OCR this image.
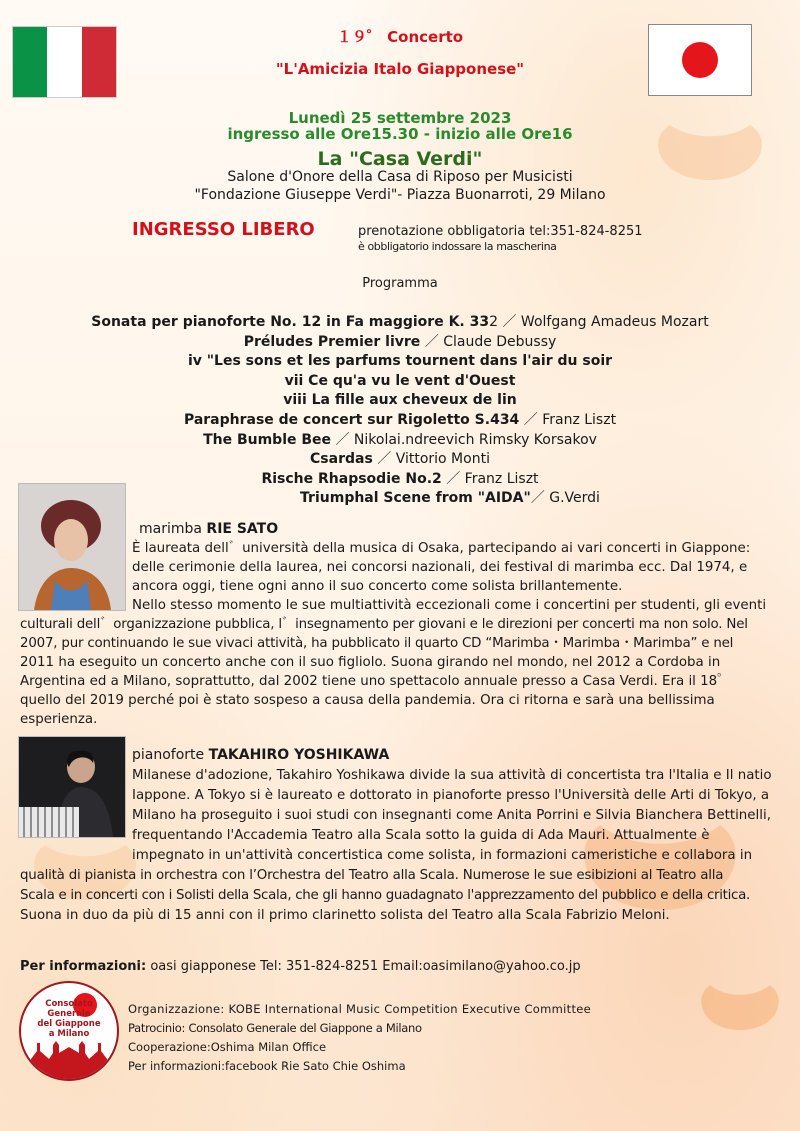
１９゜ Concerto
"L'Amicizia Italo Giapponese"
Lunedì 25 settembre 2023
ingresso alle Ore15.30 - inizio alle Ore16
La "Casa Verdi"
Salone d'Onore della Casa di Riposo per Musicisti
"Fondazione Giuseppe Verdi"- Piazza Buonarroti, 29 Milano
INGRESSO LIBERO	prenotazione obbligatoria tel:351-824-8251
è obbligatorio indossare la mascherina
Programma
Sonata per pianoforte No. 12 in Fa maggiore K. 332 ／ Wolfgang Amadeus Mozart
Préludes Premier livre ／ Claude Debussy
iv "Les sons et les parfums tournent dans l'air du soir
vii Ce qu'a vu le vent d'Ouest
viii La fille aux cheveux de lin
Paraphrase de concert sur Rigoletto S.434 ／ Franz Liszt
The Bumble Bee ／ Nikolai.ndreevich Rimsky Korsakov
Csardas ／ Vittorio Monti
Rische Rhapsodie No.2 ／ Franz Liszt
Triumphal Scene from "AIDA"／ G.Verdi
marimba RIE SATO
È laureata dell゛università della musica di Osaka, partecipando ai vari concerti in Giappone:
delle cerimonie della laurea, nei concorsi nazionali, dei festival di marimba ecc. Dal 1974, e
ancora oggi, tiene ogni anno il suo concerto come solista brillantemente.
Nello stesso momento le sue multiattività eccezionali come i concertini per studenti, gli eventi
culturali dell゛organizzazione pubblica, l゛insegnamento per giovani e le direzioni per concerti ma non solo. Nel
2007, pur continuando le sue vivaci attività, ha pubblicato il quarto CD “Marimba・Marimba・Marimba” e nel
2011 ha eseguito un concerto anche con il suo figliolo. Suona girando nel mondo, nel 2012 a Cordoba in
Argentina ed a Milano, soprattutto, dal 2002 tiene uno spettacolo annuale presso a Casa Verdi. Era il 18゜
quello del 2019 perché poi è stato sospeso a causa della pandemia. Ora ci ritorna e sarà una bellissima
esperienza.
pianoforte TAKAHIRO YOSHIKAWA
Milanese d'adozione, Takahiro Yoshikawa divide la sua attività di concertista tra l'Italia e Il natio
Iappone. A Tokyo si è laureato e dottorato in pianoforte presso l'Università delle Arti di Tokyo, a
Milano ha proseguito i suoi studi con insegnanti come Anita Porrini e Silvia Bianchera Bettinelli,
frequentando l'Accademia Teatro alla Scala sotto la guida di Ada Mauri. Attualmente è
impegnato in un'attività concertistica come solista, in formazioni cameristiche e collabora in
qualità di pianista in orchestra con l’Orchestra del Teatro alla Scala. Numerose le sue esibizioni al Teatro alla
Scala e in concerti con i Solisti della Scala, che gli hanno guadagnato l'apprezzamento del pubblico e della critica.
Suona in duo da più di 15 anni con il primo clarinetto solista del Teatro alla Scala Fabrizio Meloni.
Per informazioni: oasi giapponese Tel: 351-824-8251 Email:oasimilano@yahoo.co.jp
Consolato
Generale
del Giappone
a Milano
Organizzazione: KOBE International Music Competition Executive Committee
Patrocinio: Consolato Generale del Giappone a Milano
Cooperazione:Oshima Milan Office
Per informazioni:facebook Rie Sato Chie Oshima
